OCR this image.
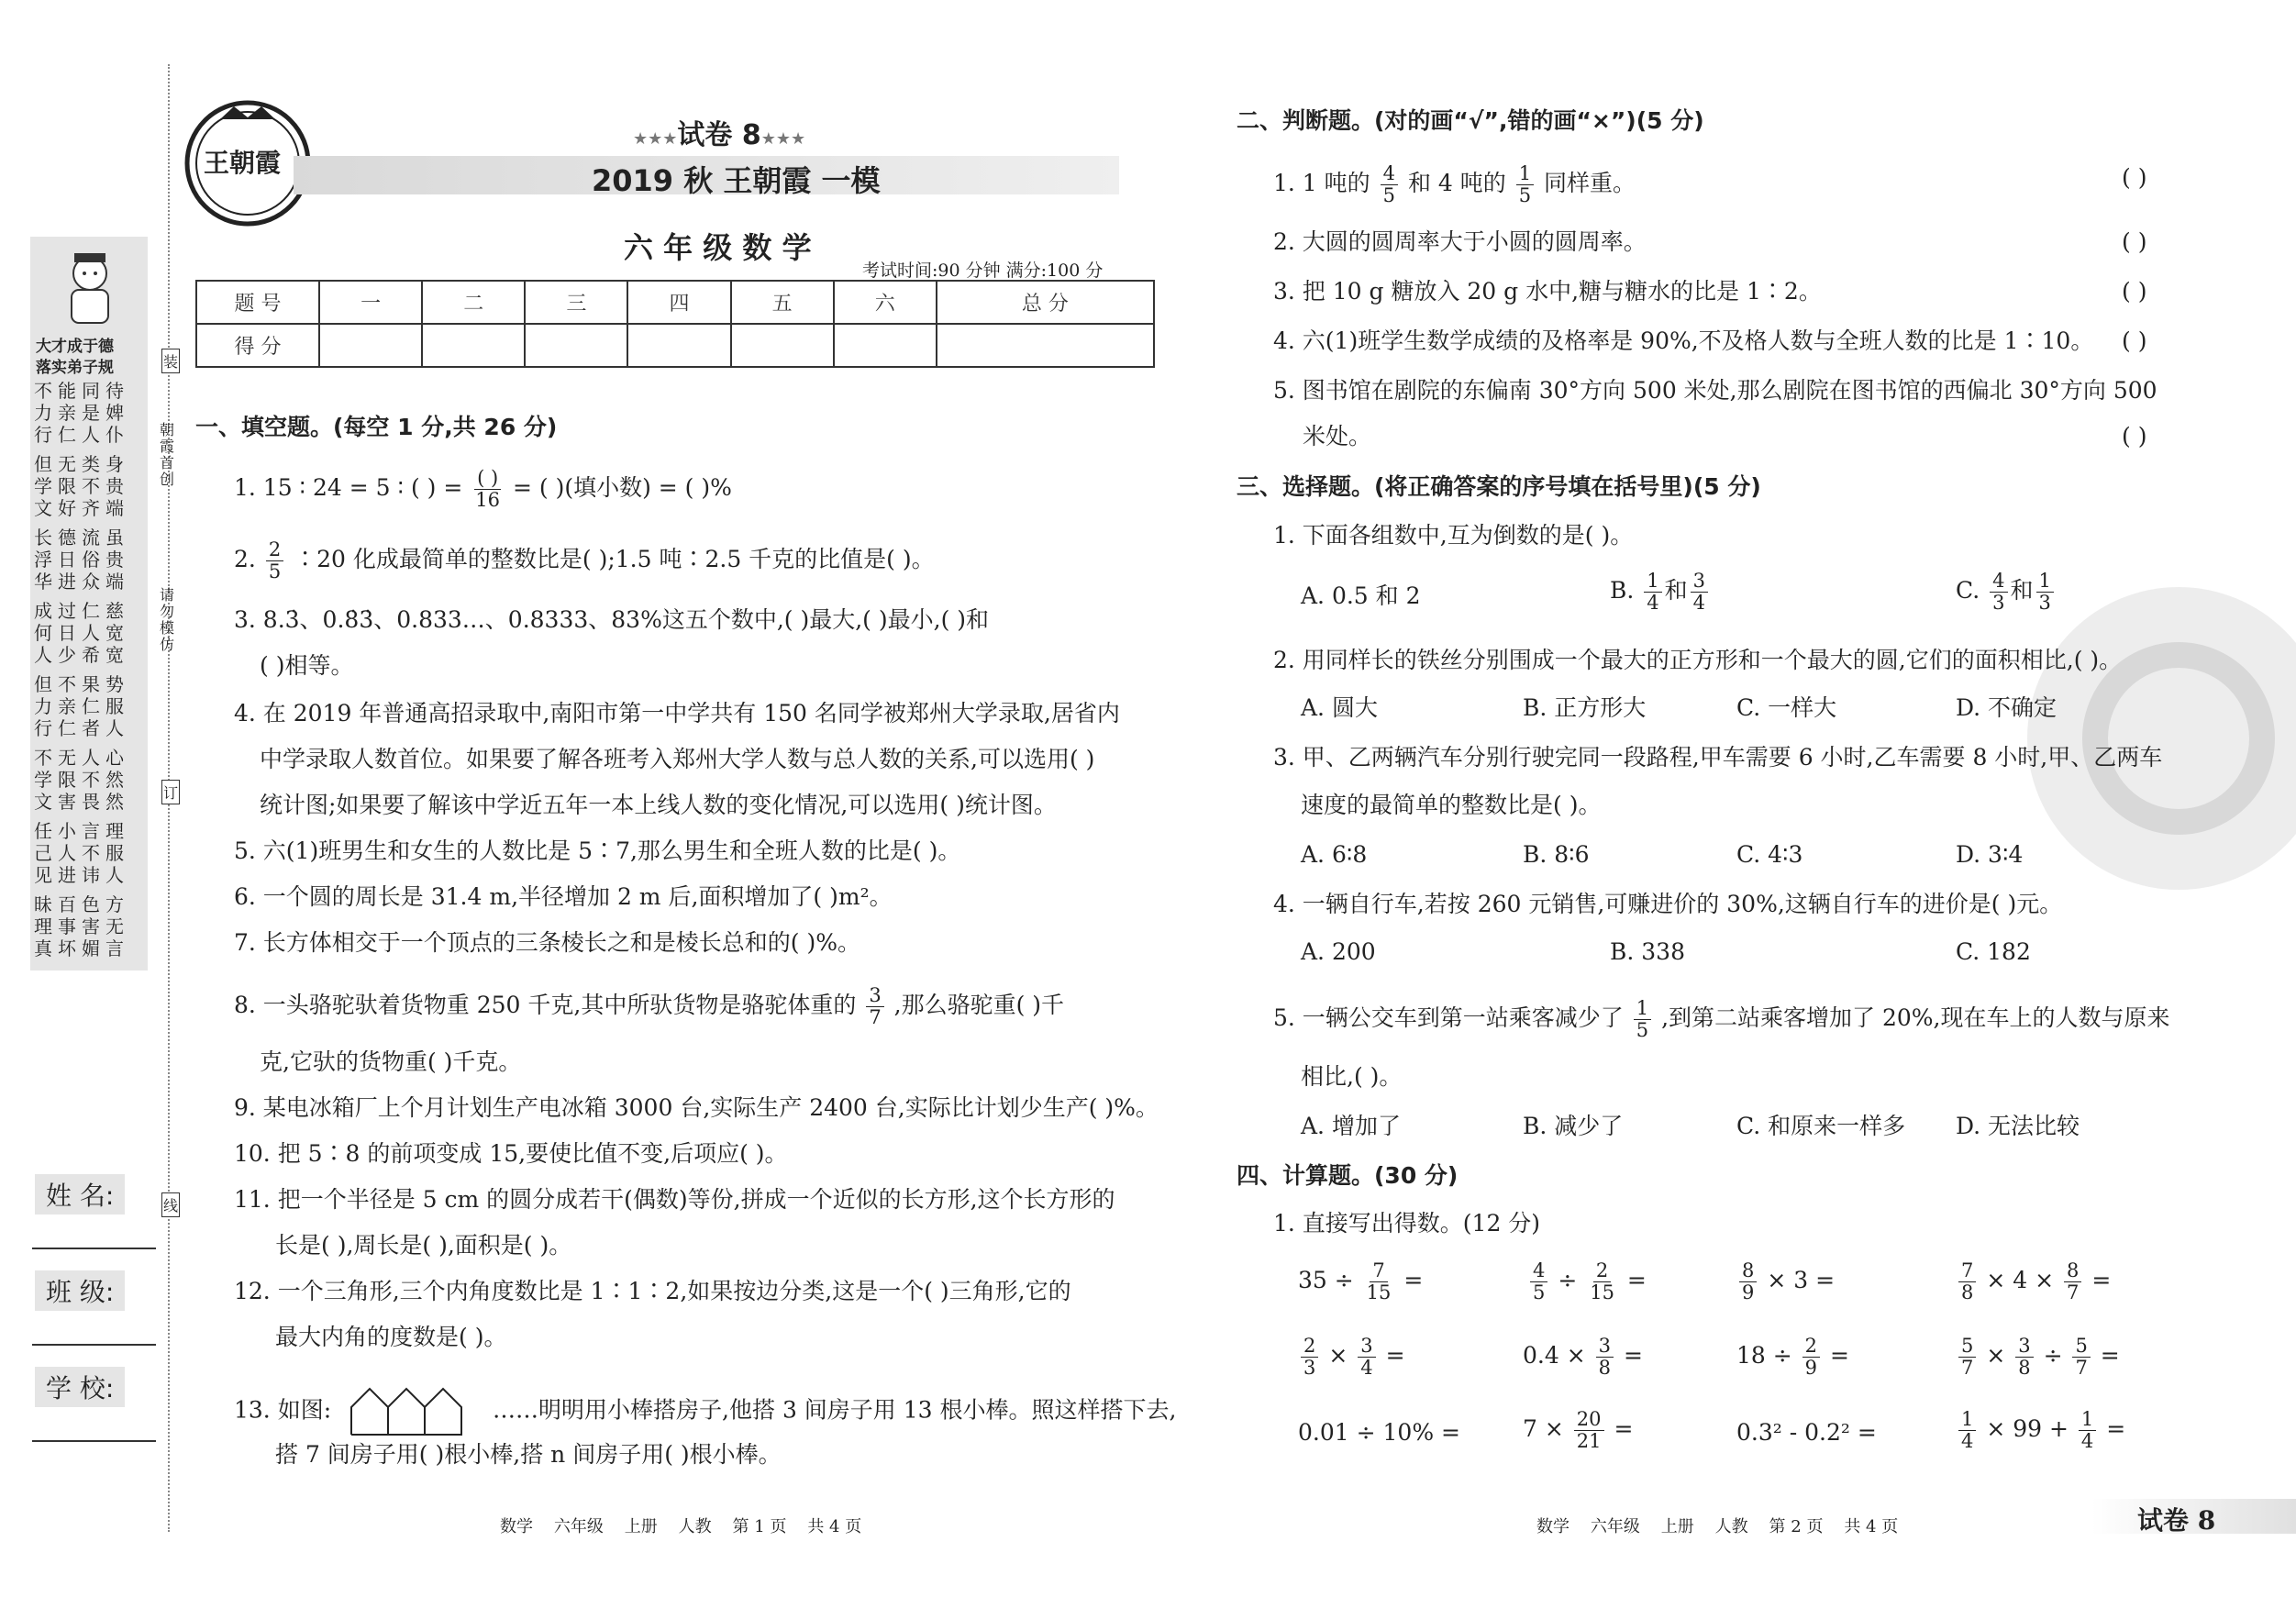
大才成于德
落实弟子规
不能同待
力亲是婢
行仁人仆
但无类身
学限不贵
文好齐端
长德流虽
浮日俗贵
华进众端
成过仁慈
何日人宽
人少希宽
但不果势
力亲仁服
行仁者人
不无人心
学限不然
文害畏然
任小言理
己人不服
见进讳人
昧百色方
理事害无
真坏媚言
装
朝霞首创
请勿模仿
订
线
姓 名:
班 级:
学 校:
王朝霞
★★★试卷 8★★★
2019 秋 王朝霞 一模
六 年 级 数 学
考试时间:90 分钟 满分:100 分
题 号	一	二	三	四	五	六	总 分
得 分							
一、填空题。(每空 1 分,共 26 分)
1. 15 ∶ 24 = 5 ∶ ( ) = $\frac{( )}{16}$ = ( )(填小数) = ( )%
2. $\frac{2}{5}$ ∶20 化成最简单的整数比是( );1.5 吨∶2.5 千克的比值是( )。
3. 8.3̇、0.8̇3̇、0.833…、0.8333、83%这五个数中,( )最大,( )最小,( )和
( )相等。
4. 在 2019 年普通高招录取中,南阳市第一中学共有 150 名同学被郑州大学录取,居省内
中学录取人数首位。如果要了解各班考入郑州大学人数与总人数的关系,可以选用( )
统计图;如果要了解该中学近五年一本上线人数的变化情况,可以选用( )统计图。
5. 六(1)班男生和女生的人数比是 5∶7,那么男生和全班人数的比是( )。
6. 一个圆的周长是 31.4 m,半径增加 2 m 后,面积增加了( )m²。
7. 长方体相交于一个顶点的三条棱长之和是棱长总和的( )%。
8. 一头骆驼驮着货物重 250 千克,其中所驮货物是骆驼体重的 $\frac{3}{7}$ ,那么骆驼重( )千
克,它驮的货物重( )千克。
9. 某电冰箱厂上个月计划生产电冰箱 3000 台,实际生产 2400 台,实际比计划少生产( )%。
10. 把 5∶8 的前项变成 15,要使比值不变,后项应( )。
11. 把一个半径是 5 cm 的圆分成若干(偶数)等份,拼成一个近似的长方形,这个长方形的
长是( ),周长是( ),面积是( )。
12. 一个三角形,三个内角度数比是 1∶1∶2,如果按边分类,这是一个( )三角形,它的
最大内角的度数是( )。
13. 如图:	……明明用小棒搭房子,他搭 3 间房子用 13 根小棒。照这样搭下去,
搭 7 间房子用( )根小棒,搭 n 间房子用( )根小棒。
二、判断题。(对的画“√”,错的画“×”)(5 分)
1. 1 吨的 $\frac{4}{5}$ 和 4 吨的 $\frac{1}{5}$ 同样重。	( )
2. 大圆的圆周率大于小圆的圆周率。	( )
3. 把 10 g 糖放入 20 g 水中,糖与糖水的比是 1∶2。	( )
4. 六(1)班学生数学成绩的及格率是 90%,不及格人数与全班人数的比是 1∶10。 ( )
5. 图书馆在剧院的东偏南 30°方向 500 米处,那么剧院在图书馆的西偏北 30°方向 500
米处。	( )
三、选择题。(将正确答案的序号填在括号里)(5 分)
1. 下面各组数中,互为倒数的是( )。
A. 0.5 和 2	B. $\frac{1}{4}$ 和 $\frac{3}{4}$	C. $\frac{4}{3}$ 和 $\frac{1}{3}$
2. 用同样长的铁丝分别围成一个最大的正方形和一个最大的圆,它们的面积相比,( )。
A. 圆大	B. 正方形大	C. 一样大	D. 不确定
3. 甲、乙两辆汽车分别行驶完同一段路程,甲车需要 6 小时,乙车需要 8 小时,甲、乙两车
速度的最简单的整数比是( )。
A. 6∶8	B. 8∶6	C. 4∶3	D. 3∶4
4. 一辆自行车,若按 260 元销售,可赚进价的 30%,这辆自行车的进价是( )元。
A. 200	B. 338	C. 182
5. 一辆公交车到第一站乘客减少了 $\frac{1}{5}$ ,到第二站乘客增加了 20%,现在车上的人数与原来
相比,( )。
A. 增加了	B. 减少了	C. 和原来一样多 D. 无法比较
四、计算题。(30 分)
1. 直接写出得数。(12 分)
$35 \div \frac{7}{15}$ =	$\frac{4}{5} \div \frac{2}{15}$ =	$\frac{8}{9} \times 3$ =	$\frac{7}{8} \times 4 \times \frac{8}{7}$ =
$\frac{2}{3} \times \frac{3}{4}$ =	$0.4 \times \frac{3}{8}$ =	$18 \div \frac{2}{9}$ =	$\frac{5}{7} \times \frac{3}{8} \div \frac{5}{7}$ =
0.01 ÷ 10% =	$7 \times \frac{20}{21}$ =	0.3² - 0.2² =	$\frac{1}{4} \times 99 + \frac{1}{4}$ =
数学    六年级    上册    人教    第 1 页    共 4 页	数学    六年级    上册    人教    第 2 页    共 4 页	试卷 8
